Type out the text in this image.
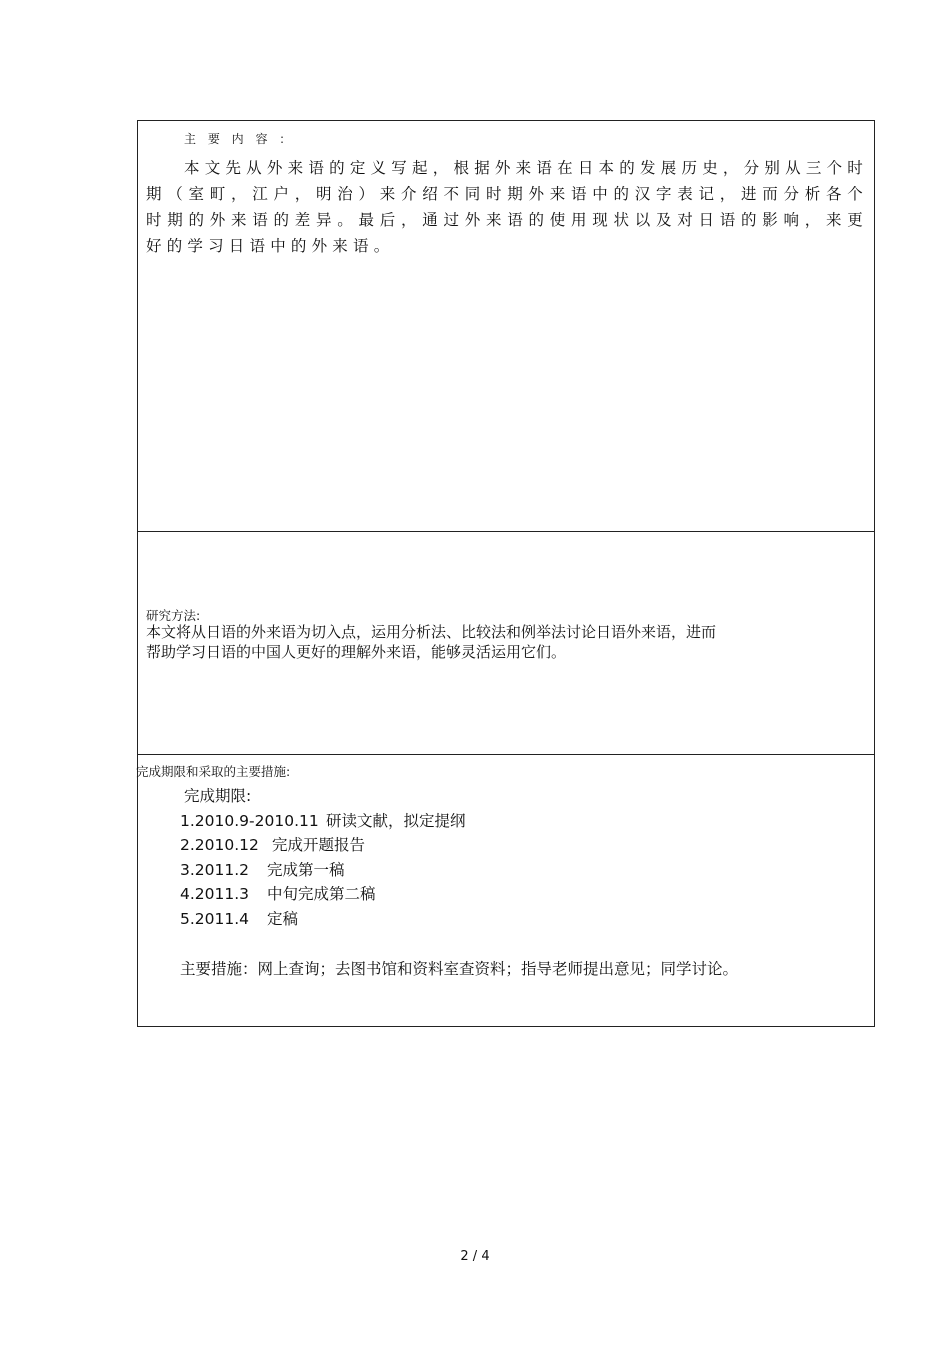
主 要 内 容 ：
本文先从外来语的定义写起，根据外来语在日本的发展历史，分别从三个时期（室町，江户，明治）来介绍不同时期外来语中的汉字表记，进而分析各个时期的外来语的差异。最后，通过外来语的使用现状以及对日语的影响，来更好的学习日语中的外来语。
研究方法:
本文将从日语的外来语为切入点，运用分析法、比较法和例举法讨论日语外来语，进而
帮助学习日语的中国人更好的理解外来语，能够灵活运用它们。
完成期限和采取的主要措施:
完成期限:
1.2010.9-2010.11 研读文献，拟定提纲
2.2010.12 完成开题报告
3.2011.2 完成第一稿
4.2011.3 中旬完成第二稿
5.2011.4 定稿
主要措施：网上查询；去图书馆和资料室查资料；指导老师提出意见；同学讨论。
2 / 4
